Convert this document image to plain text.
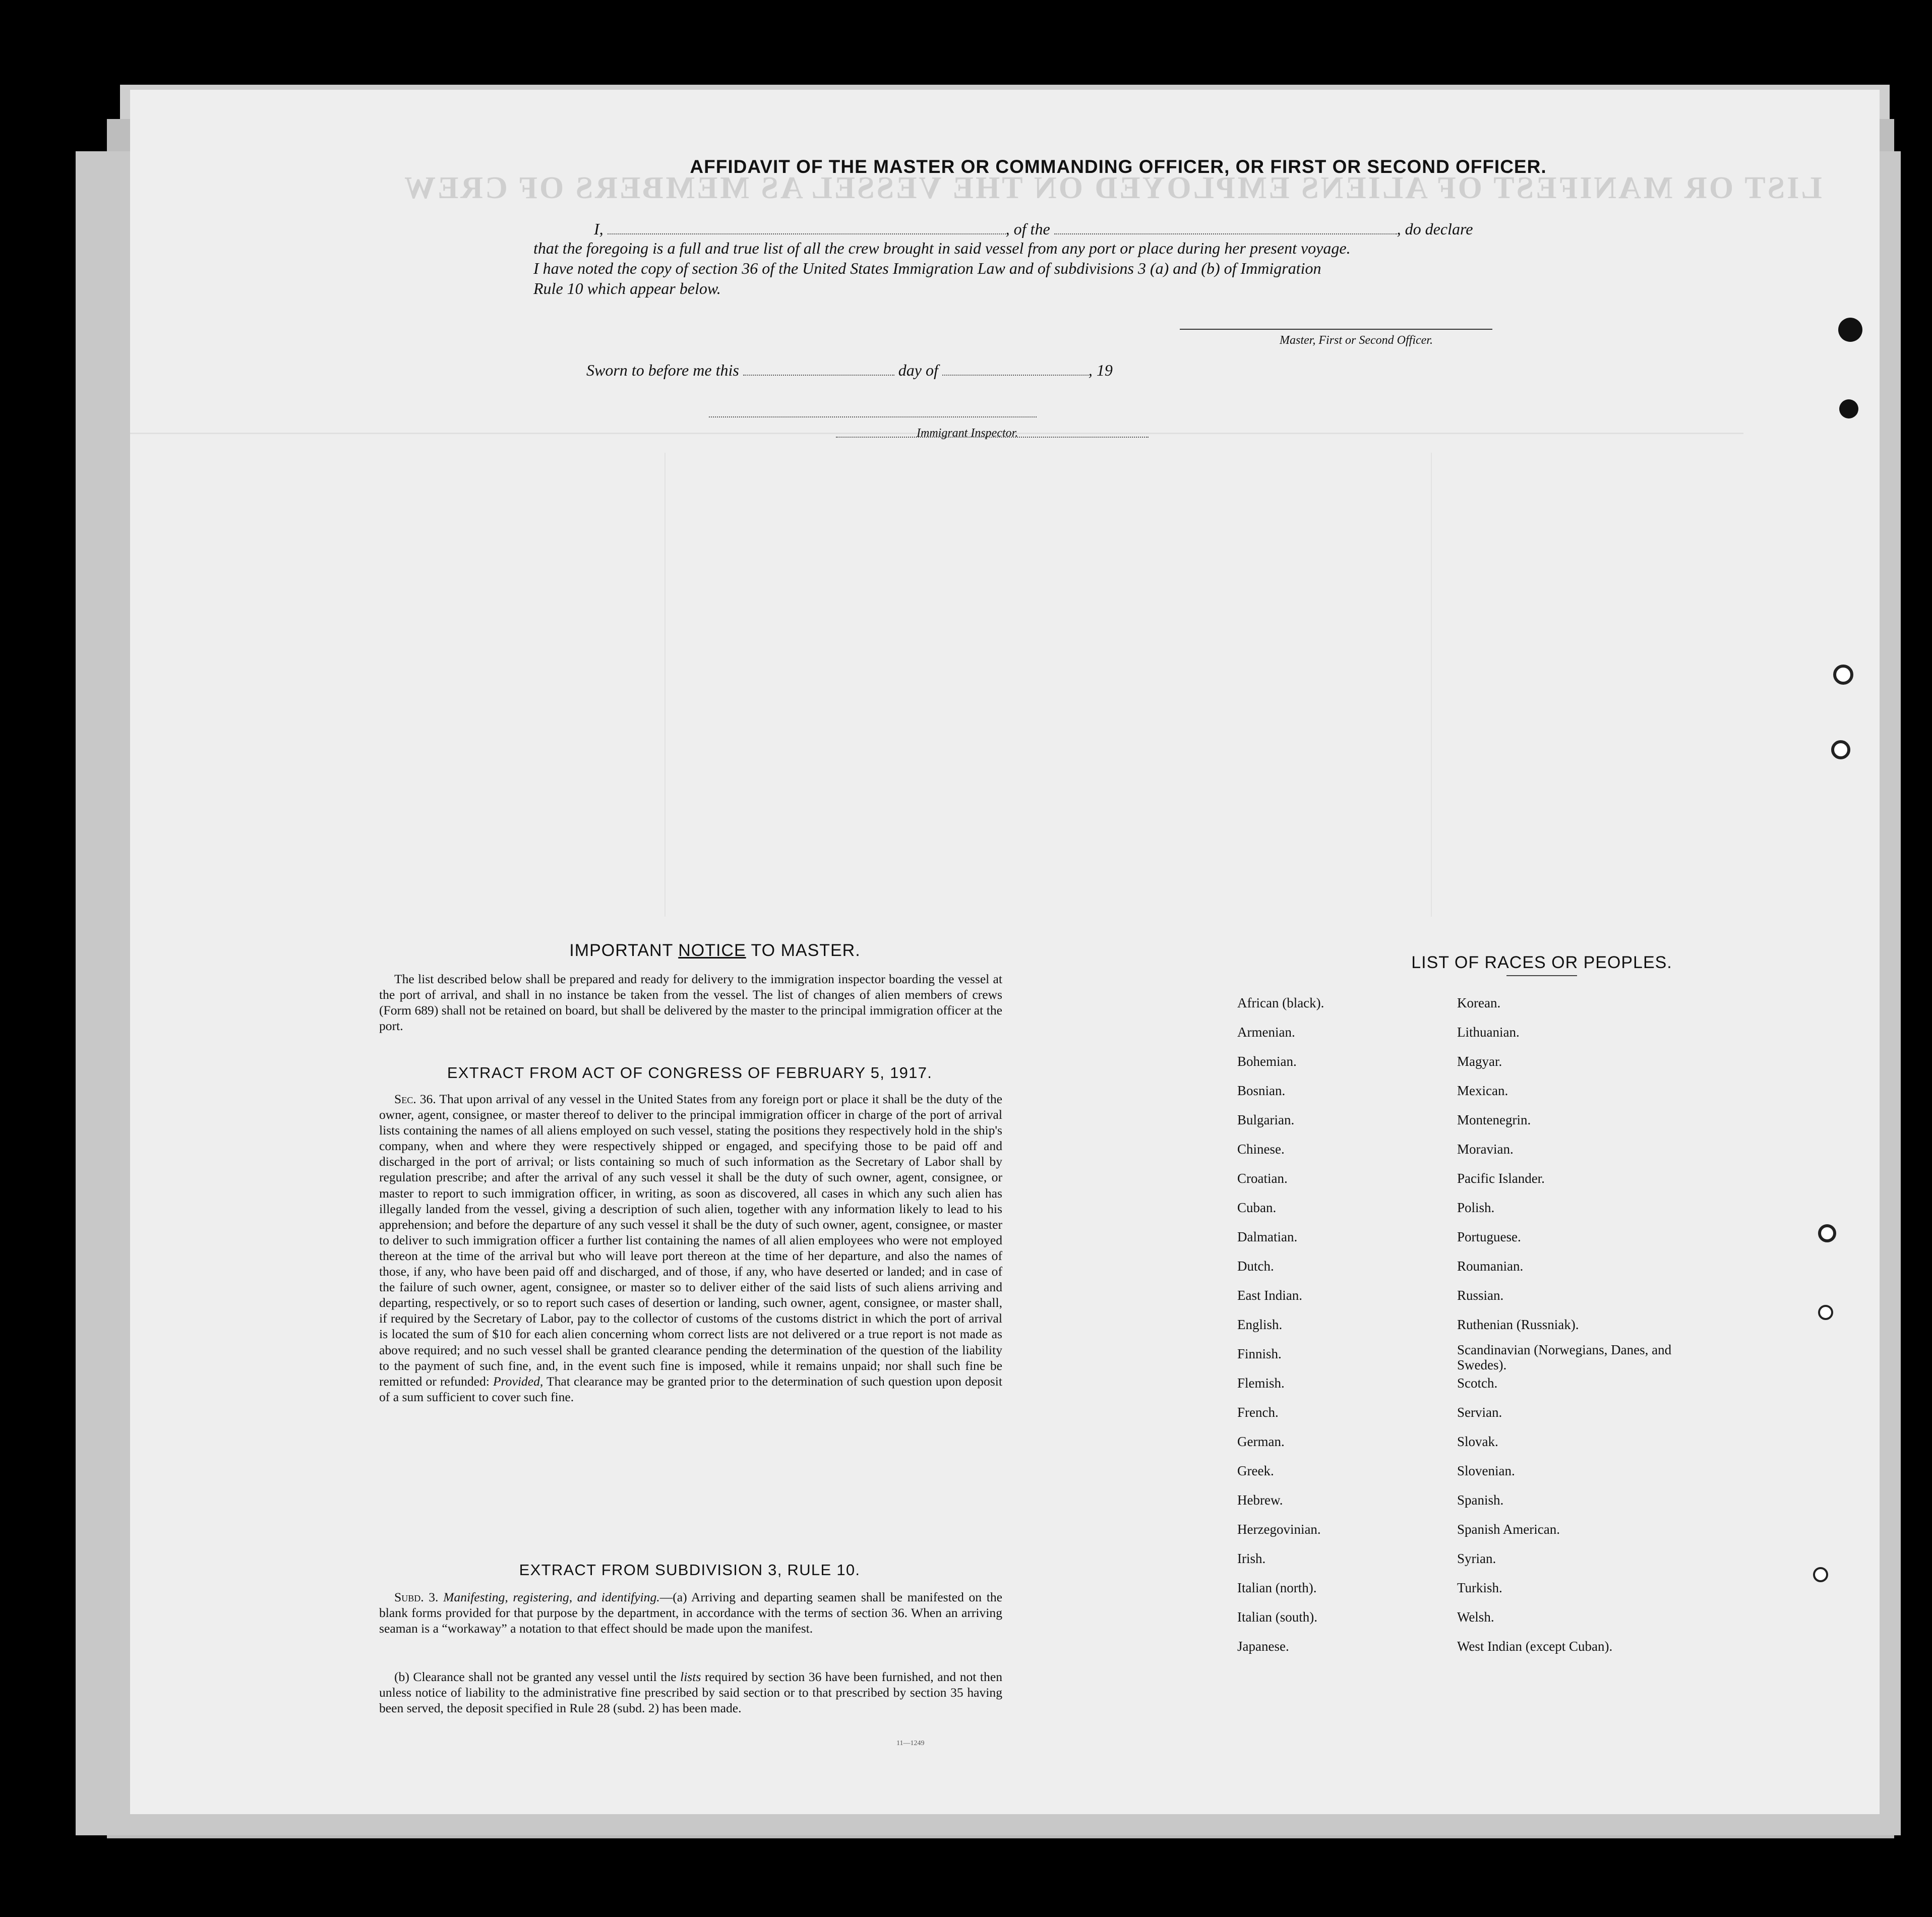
LIST OR MANIFEST OF ALIENS EMPLOYED ON THE VESSEL AS MEMBERS OF CREW
AFFIDAVIT OF THE MASTER OR COMMANDING OFFICER, OR FIRST OR SECOND OFFICER.
I,	, of the	, do declare
that the foregoing is a full and true list of all the crew brought in said vessel from any port or place during her present voyage.
I have noted the copy of section 36 of the United States Immigration Law and of subdivisions 3 (a) and (b) of Immigration
Rule 10 which appear below.
Master, First or Second Officer.
Sworn to before me this	day of	, 19
Immigrant Inspector.
IMPORTANT NOTICE TO MASTER.
The list described below shall be prepared and ready for delivery to the immigration inspector boarding the vessel at the port of arrival, and shall in no instance be taken from the vessel. The list of changes of alien members of crews (Form 689) shall not be retained on board, but shall be delivered by the master to the principal immigration officer at the port.
EXTRACT FROM ACT OF CONGRESS OF FEBRUARY 5, 1917.
Sec. 36. That upon arrival of any vessel in the United States from any foreign port or place it shall be the duty of the owner, agent, consignee, or master thereof to deliver to the principal immigration officer in charge of the port of arrival lists containing the names of all aliens employed on such vessel, stating the positions they respectively hold in the ship's company, when and where they were respectively shipped or engaged, and specifying those to be paid off and discharged in the port of arrival; or lists containing so much of such information as the Secretary of Labor shall by regulation prescribe; and after the arrival of any such vessel it shall be the duty of such owner, agent, consignee, or master to report to such immigration officer, in writing, as soon as discovered, all cases in which any such alien has illegally landed from the vessel, giving a description of such alien, together with any information likely to lead to his apprehension; and before the departure of any such vessel it shall be the duty of such owner, agent, consignee, or master to deliver to such immigration officer a further list containing the names of all alien employees who were not employed thereon at the time of the arrival but who will leave port thereon at the time of her departure, and also the names of those, if any, who have been paid off and discharged, and of those, if any, who have deserted or landed; and in case of the failure of such owner, agent, consignee, or master so to deliver either of the said lists of such aliens arriving and departing, respectively, or so to report such cases of desertion or landing, such owner, agent, consignee, or master shall, if required by the Secretary of Labor, pay to the collector of customs of the customs district in which the port of arrival is located the sum of $10 for each alien concerning whom correct lists are not delivered or a true report is not made as above required; and no such vessel shall be granted clearance pending the determination of the question of the liability to the payment of such fine, and, in the event such fine is imposed, while it remains unpaid; nor shall such fine be remitted or refunded: Provided, That clearance may be granted prior to the determination of such question upon deposit of a sum sufficient to cover such fine.
EXTRACT FROM SUBDIVISION 3, RULE 10.
Subd. 3. Manifesting, registering, and identifying.—(a) Arriving and departing seamen shall be manifested on the blank forms provided for that purpose by the department, in accordance with the terms of section 36. When an arriving seaman is a “workaway” a notation to that effect should be made upon the manifest.
(b) Clearance shall not be granted any vessel until the lists required by section 36 have been furnished, and not then unless notice of liability to the administrative fine prescribed by said section or to that prescribed by section 35 having been served, the deposit specified in Rule 28 (subd. 2) has been made.
11—1249
LIST OF RACES OR PEOPLES.
African (black).
Armenian.
Bohemian.
Bosnian.
Bulgarian.
Chinese.
Croatian.
Cuban.
Dalmatian.
Dutch.
East Indian.
English.
Finnish.
Flemish.
French.
German.
Greek.
Hebrew.
Herzegovinian.
Irish.
Italian (north).
Italian (south).
Japanese.
Korean.
Lithuanian.
Magyar.
Mexican.
Montenegrin.
Moravian.
Pacific Islander.
Polish.
Portuguese.
Roumanian.
Russian.
Ruthenian (Russniak).
Scandinavian (Norwegians, Danes, and Swedes).
Scotch.
Servian.
Slovak.
Slovenian.
Spanish.
Spanish American.
Syrian.
Turkish.
Welsh.
West Indian (except Cuban).
